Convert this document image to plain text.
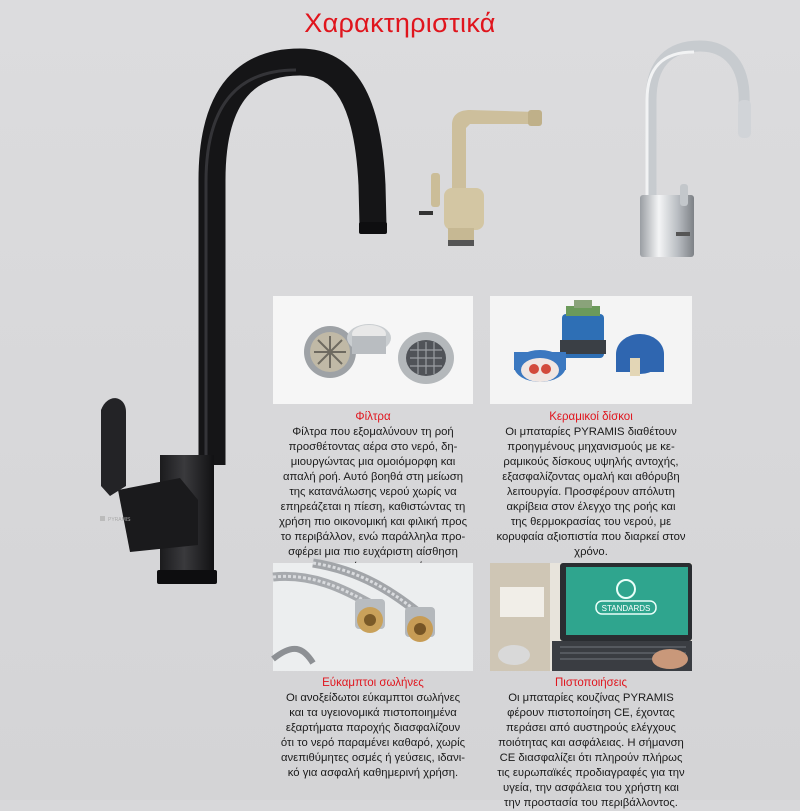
Χαρακτηριστικά
PYRAMIS
Φίλτρα

Φίλτρα που εξομαλύνουν τη ροή

προσθέτοντας αέρα στο νερό, δη-

μιουργώντας μια ομοιόμορφη και

απαλή ροή. Αυτό βοηθά στη μείωση

της κατανάλωσης νερού χωρίς να

επηρεάζεται η πίεση, καθιστώντας τη

χρήση πιο οικονομική και φιλική προς

το περιβάλλον, ενώ παράλληλα προ-

σφέρει μια πιο ευχάριστη αίσθηση

Κεραμικοί δίσκοι

Οι μπαταρίες PYRAMIS διαθέτουν

προηγμένους μηχανισμούς με κε-

ραμικούς δίσκους υψηλής αντοχής,

εξασφαλίζοντας ομαλή και αθόρυβη

λειτουργία. Προσφέρουν απόλυτη

ακρίβεια στον έλεγχο της ροής και

της θερμοκρασίας του νερού, με

κορυφαία αξιοπιστία που διαρκεί στον

χρόνο.

Εύκαμπτοι σωλήνες

Οι ανοξείδωτοι εύκαμπτοι σωλήνες

και τα υγειονομικά πιστοποιημένα

εξαρτήματα παροχής διασφαλίζουν

ότι το νερό παραμένει καθαρό, χωρίς

ανεπιθύμητες οσμές ή γεύσεις, ιδανι-

κό για ασφαλή καθημερινή χρήση.

STANDARDS
Πιστοποιήσεις

Οι μπαταρίες κουζίνας PYRAMIS

φέρουν πιστοποίηση CE, έχοντας

περάσει από αυστηρούς ελέγχους

ποιότητας και ασφάλειας. Η σήμανση

CE διασφαλίζει ότι πληρούν πλήρως

τις ευρωπαϊκές προδιαγραφές για την

υγεία, την ασφάλεια του χρήστη και

την προστασία του περιβάλλοντος.
